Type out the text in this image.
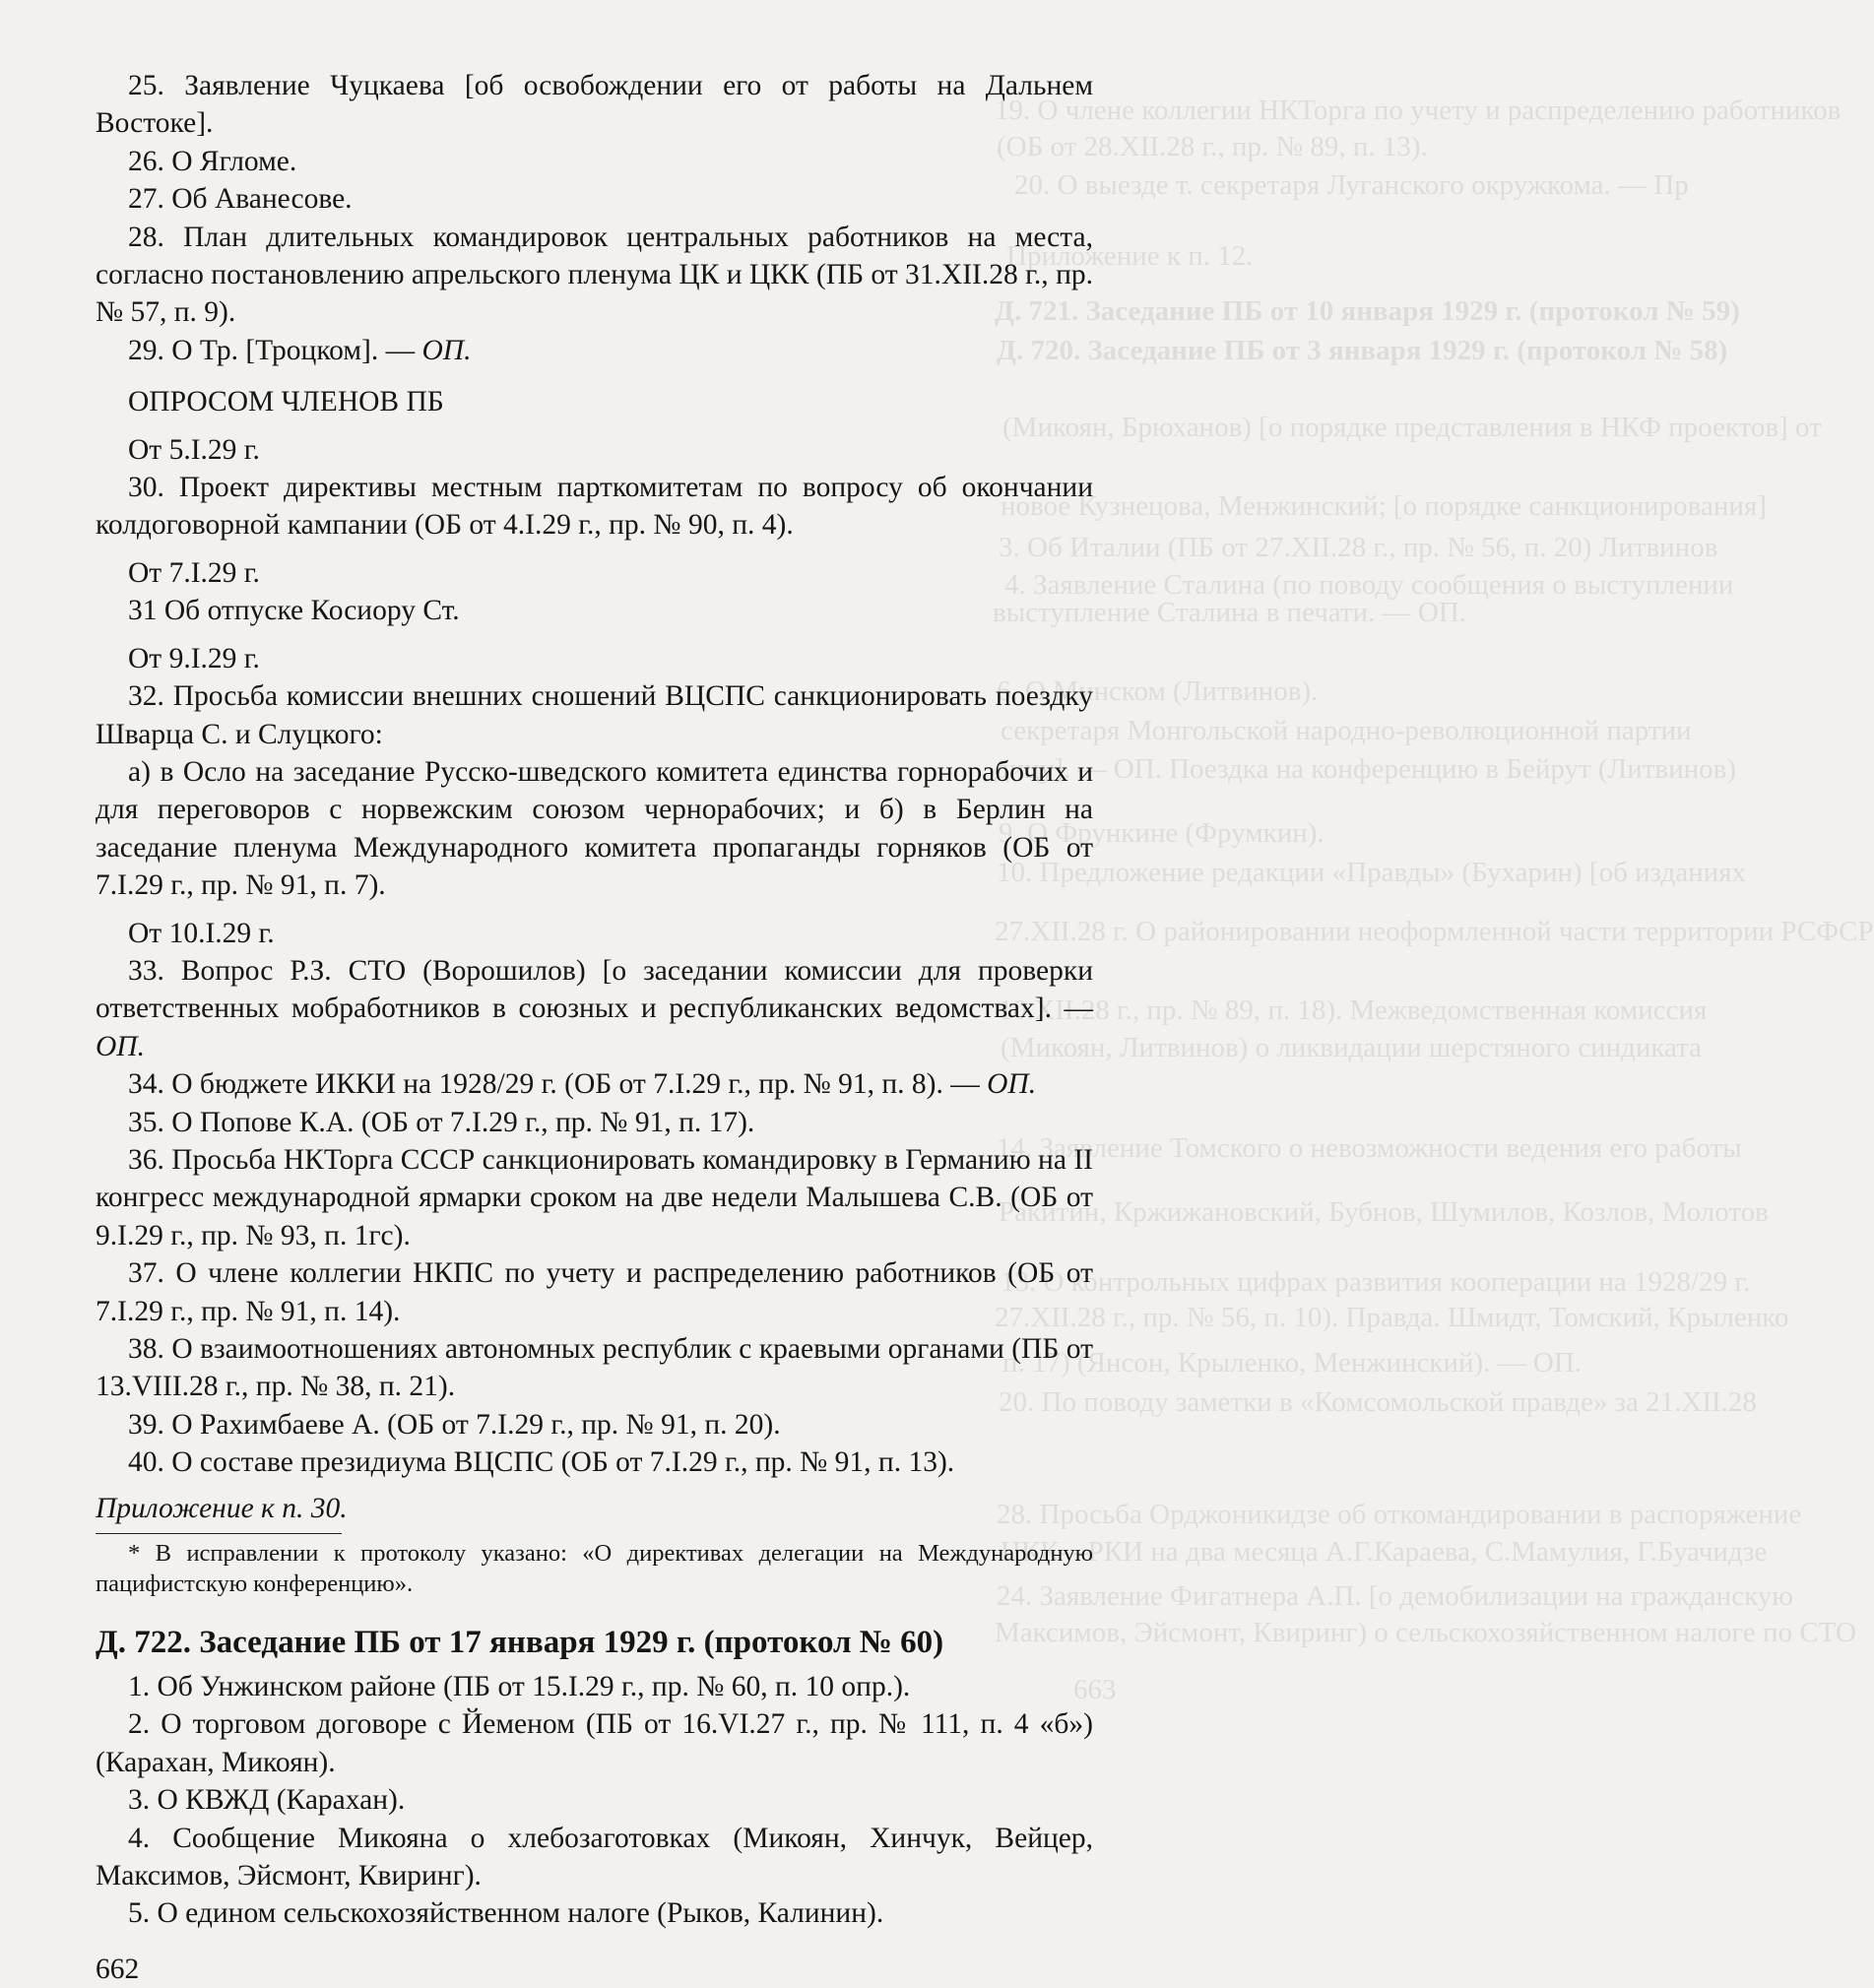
19. О члене коллегии НКТорга по учету и распределению работников
(ОБ от 28.XII.28 г., пр. № 89, п. 13).
20. О выезде т. секретаря Луганского окружкома. — Пр
Приложение к п. 12.
Д. 721. Заседание ПБ от 10 января 1929 г. (протокол № 59)
Д. 720. Заседание ПБ от 3 января 1929 г. (протокол № 58)
(Микоян, Брюханов) [о порядке представления в НКФ проектов] от
новое Кузнецова, Менжинский; [о порядке санкционирования]
3. Об Италии (ПБ от 27.XII.28 г., пр. № 56, п. 20) Литвинов
4. Заявление Сталина (по поводу сообщения о выступлении
выступление Сталина в печати. — ОП.
6. О Минском (Литвинов).
секретаря Монгольской народно-революционной партии
дицу]. — ОП. Поездка на конференцию в Бейрут (Литвинов)
9. О Фрункине (Фрумкин).
10. Предложение редакции «Правды» (Бухарин) [об изданиях
27.XII.28 г. О районировании неоформленной части территории РСФСР
10.XII.28 г., пр. № 89, п. 18). Межведомственная комиссия
(Микоян, Литвинов) о ликвидации шерстяного синдиката
14. Заявление Томского о невозможности ведения его работы
Ракитин, Кржижановский, Бубнов, Шумилов, Козлов, Молотов
13. О контрольных цифрах развития кооперации на 1928/29 г.
27.XII.28 г., пр. № 56, п. 10). Правда. Шмидт, Томский, Крыленко
п. 17) (Янсон, Крыленко, Менжинский). — ОП.
20. По поводу заметки в «Комсомольской правде» за 21.XII.28
28. Просьба Орджоникидзе об откомандировании в распоряжение
ЦКК—РКИ на два месяца А.Г.Караева, С.Мамулия, Г.Буачидзе
24. Заявление Фигатнера А.П. [о демобилизации на гражданскую
Максимов, Эйсмонт, Квиринг) о сельскохозяйственном налоге по СТО
663

25. Заявление Чуцкаева [об освобождении его от работы на Дальнем Востоке].

26. О Ягломе.

27. Об Аванесове.

28. План длительных командировок центральных работников на места, согласно постановлению апрельского пленума ЦК и ЦКК (ПБ от 31.XII.28 г., пр. № 57, п. 9).

29. О Тр. [Троцком]. — ОП.

ОПРОСОМ ЧЛЕНОВ ПБ

От 5.I.29 г.

30. Проект директивы местным парткомитетам по вопросу об окончании колдоговорной кампании (ОБ от 4.I.29 г., пр. № 90, п. 4).

От 7.I.29 г.

31 Об отпуске Косиору Ст.

От 9.I.29 г.

32. Просьба комиссии внешних сношений ВЦСПС санкционировать поездку Шварца С. и Слуцкого:

а) в Осло на заседание Русско-шведского комитета единства горнорабочих и для переговоров с норвежским союзом чернорабочих; и б) в Берлин на заседание пленума Международного комитета пропаганды горняков (ОБ от 7.I.29 г., пр. № 91, п. 7).

От 10.I.29 г.

33. Вопрос Р.З. СТО (Ворошилов) [о заседании комиссии для проверки ответственных мобработников в союзных и республиканских ведомствах]. — ОП.

34. О бюджете ИККИ на 1928/29 г. (ОБ от 7.I.29 г., пр. № 91, п. 8). — ОП.

35. О Попове К.А. (ОБ от 7.I.29 г., пр. № 91, п. 17).

36. Просьба НКТорга СССР санкционировать командировку в Германию на II конгресс международной ярмарки сроком на две недели Малышева С.В. (ОБ от 9.I.29 г., пр. № 93, п. 1гс).

37. О члене коллегии НКПС по учету и распределению работников (ОБ от 7.I.29 г., пр. № 91, п. 14).

38. О взаимоотношениях автономных республик с краевыми органами (ПБ от 13.VIII.28 г., пр. № 38, п. 21).

39. О Рахимбаеве А. (ОБ от 7.I.29 г., пр. № 91, п. 20).

40. О составе президиума ВЦСПС (ОБ от 7.I.29 г., пр. № 91, п. 13).

Приложение к п. 30.

* В исправлении к протоколу указано: «О директивах делегации на Международную пацифистскую конференцию».

Д. 722. Заседание ПБ от 17 января 1929 г. (протокол № 60)

1. Об Унжинском районе (ПБ от 15.I.29 г., пр. № 60, п. 10 опр.).

2. О торговом договоре с Йеменом (ПБ от 16.VI.27 г., пр. № 111, п. 4 «б») (Карахан, Микоян).

3. О КВЖД (Карахан).

4. Сообщение Микояна о хлебозаготовках (Микоян, Хинчук, Вейцер, Максимов, Эйсмонт, Квиринг).

5. О едином сельскохозяйственном налоге (Рыков, Калинин).

662
